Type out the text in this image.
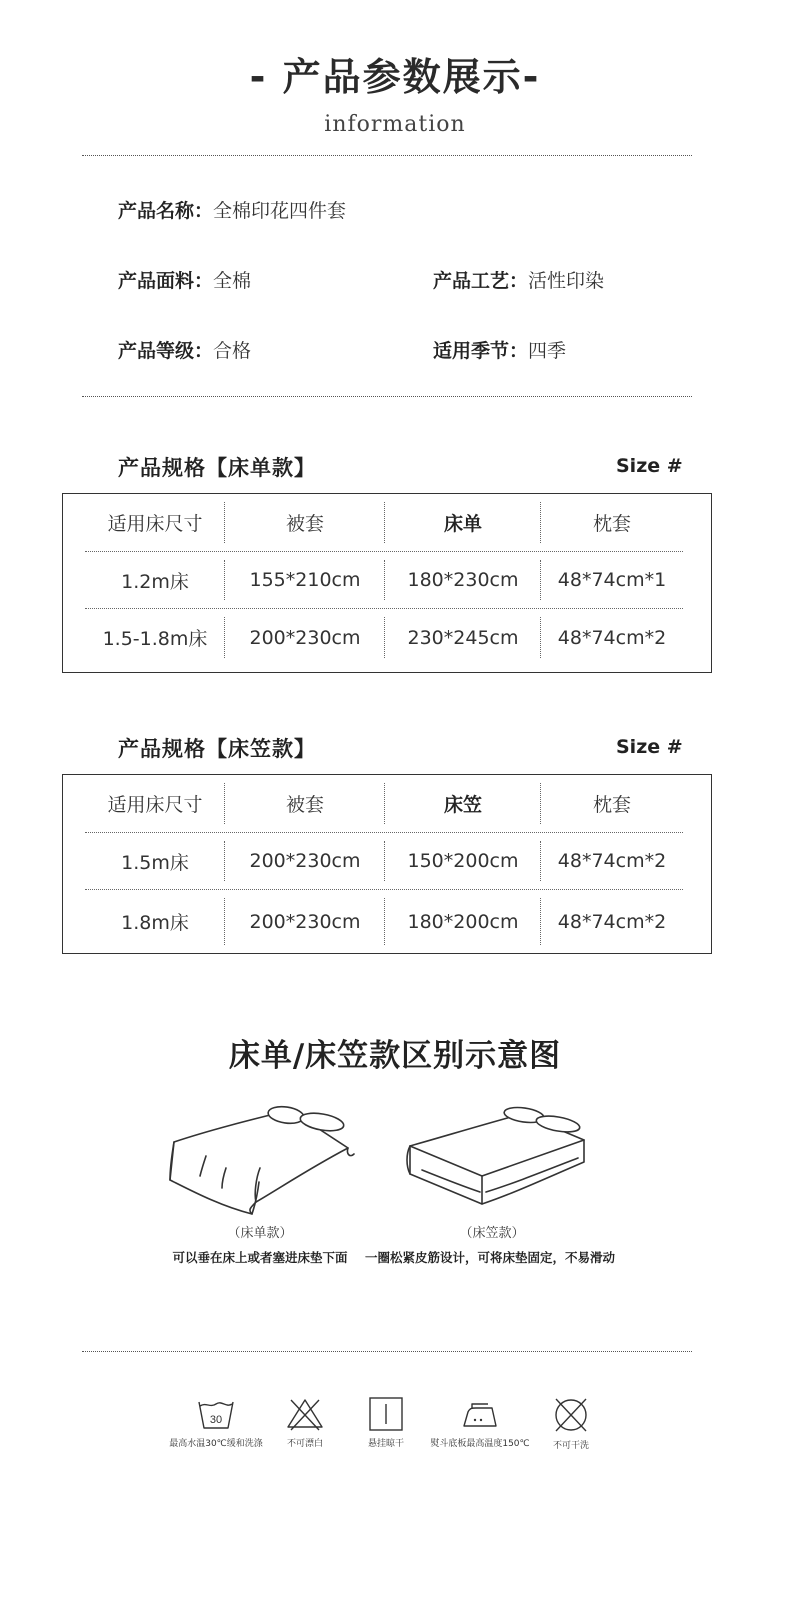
- 产品参数展示-
information
产品名称：全棉印花四件套
产品面料：全棉	产品工艺：活性印染
产品等级：合格	适用季节：四季
产品规格【床单款】	Size #
适用床尺寸	被套	床单	枕套
1.2m床	155*210cm	180*230cm	48*74cm*1
1.5-1.8m床	200*230cm	230*245cm	48*74cm*2
产品规格【床笠款】	Size #
适用床尺寸	被套	床笠	枕套
1.5m床	200*230cm	150*200cm	48*74cm*2
1.8m床	200*230cm	180*200cm	48*74cm*2
床单/床笠款区别示意图
（床单款）
可以垂在床上或者塞进床垫下面
（床笠款）
一圈松紧皮筋设计，可将床垫固定，不易滑动
30
最高水温30℃缓和洗涤	不可漂白	悬挂晾干	熨斗底板最高温度150℃	不可干洗
